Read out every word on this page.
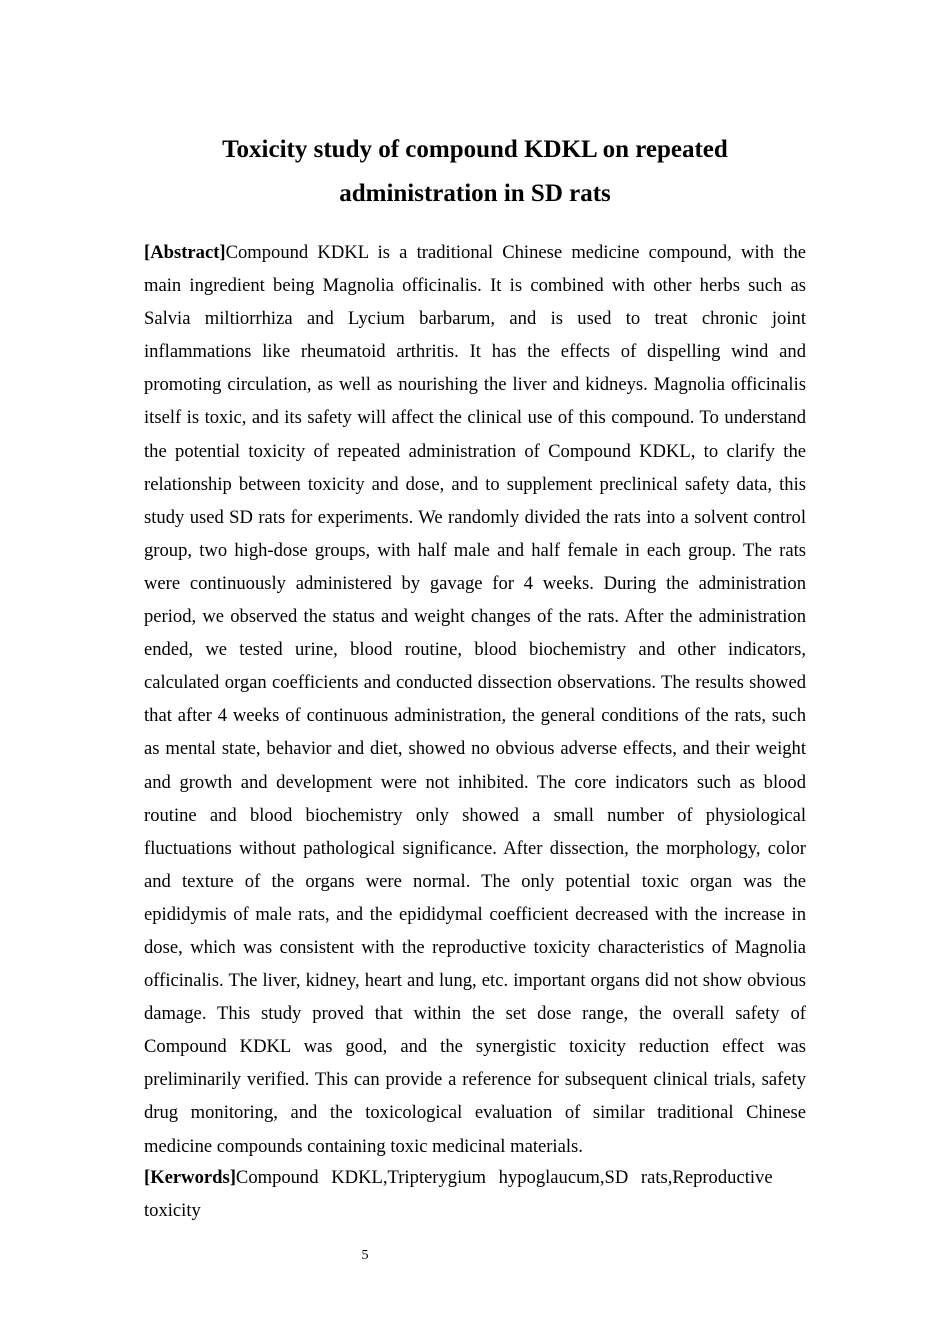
Toxicity study of compound KDKL on repeated
administration in SD rats

[Abstract]Compound KDKL is a traditional Chinese medicine compound, with the main ingredient being Magnolia officinalis. It is combined with other herbs such as Salvia miltiorrhiza and Lycium barbarum, and is used to treat chronic joint inflammations like rheumatoid arthritis. It has the effects of dispelling wind and promoting circulation, as well as nourishing the liver and kidneys. Magnolia officinalis itself is toxic, and its safety will affect the clinical use of this compound. To understand the potential toxicity of repeated administration of Compound KDKL, to clarify the relationship between toxicity and dose, and to supplement preclinical safety data, this study used SD rats for experiments. We randomly divided the rats into a solvent control group, two high-dose groups, with half male and half female in each group. The rats were continuously administered by gavage for 4 weeks. During the administration period, we observed the status and weight changes of the rats. After the administration ended, we tested urine, blood routine, blood biochemistry and other indicators, calculated organ coefficients and conducted dissection observations. The results showed that after 4 weeks of continuous administration, the general conditions of the rats, such as mental state, behavior and diet, showed no obvious adverse effects, and their weight and growth and development were not inhibited. The core indicators such as blood routine and blood biochemistry only showed a small number of physiological fluctuations without pathological significance. After dissection, the morphology, color and texture of the organs were normal. The only potential toxic organ was the epididymis of male rats, and the epididymal coefficient decreased with the increase in dose, which was consistent with the reproductive toxicity characteristics of Magnolia officinalis. The liver, kidney, heart and lung, etc. important organs did not show obvious damage. This study proved that within the set dose range, the overall safety of Compound KDKL was good, and the synergistic toxicity reduction effect was preliminarily verified. This can provide a reference for subsequent clinical trials, safety drug monitoring, and the toxicological evaluation of similar traditional Chinese medicine compounds containing toxic medicinal materials.

[Kerwords]Compound KDKL,Tripterygium hypoglaucum,SD rats,Reproductive toxicity

5
